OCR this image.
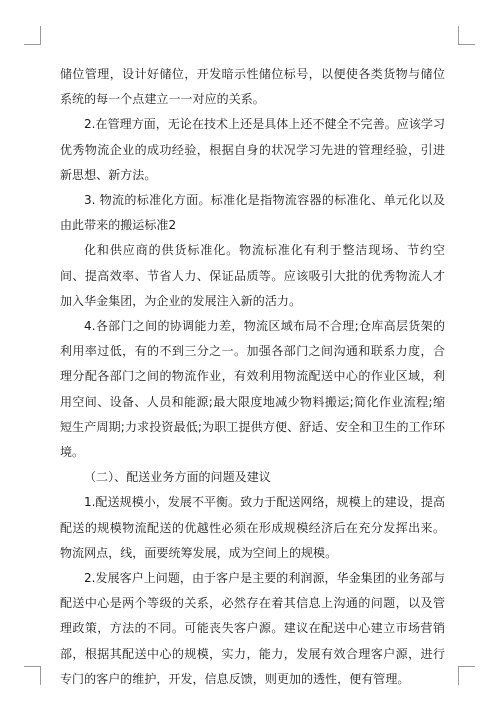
储位管理，设计好储位，开发暗示性储位标号，以便使各类货物与储位系统的每一个点建立一一对应的关系。

2.在管理方面，无论在技术上还是具体上还不健全不完善。应该学习优秀物流企业的成功经验，根据自身的状况学习先进的管理经验，引进新思想、新方法。

3. 物流的标准化方面。标准化是指物流容器的标准化、单元化以及由此带来的搬运标准2

化和供应商的供货标准化。物流标准化有利于整洁现场、节约空间、提高效率、节省人力、保证品质等。应该吸引大批的优秀物流人才加入华金集团，为企业的发展注入新的活力。

4.各部门之间的协调能力差，物流区域布局不合理;仓库高层货架的利用率过低，有的不到三分之一。加强各部门之间沟通和联系力度，合理分配各部门之间的物流作业，有效利用物流配送中心的作业区域，利用空间、设备、人员和能源;最大限度地减少物料搬运;简化作业流程;缩短生产周期;力求投资最低;为职工提供方便、舒适、安全和卫生的工作环境。

（二）、配送业务方面的问题及建议

1.配送规模小，发展不平衡。致力于配送网络，规模上的建设，提高配送的规模物流配送的优越性必须在形成规模经济后在充分发挥出来。物流网点，线，面要统筹发展，成为空间上的规模。

2.发展客户上问题，由于客户是主要的利润源，华金集团的业务部与配送中心是两个等级的关系，必然存在着其信息上沟通的问题，以及管理政策，方法的不同。可能丧失客户源。建议在配送中心建立市场营销部，根据其配送中心的规模，实力，能力，发展有效合理客户源，进行专门的客户的维护，开发，信息反馈，则更加的透性，便有管理。
